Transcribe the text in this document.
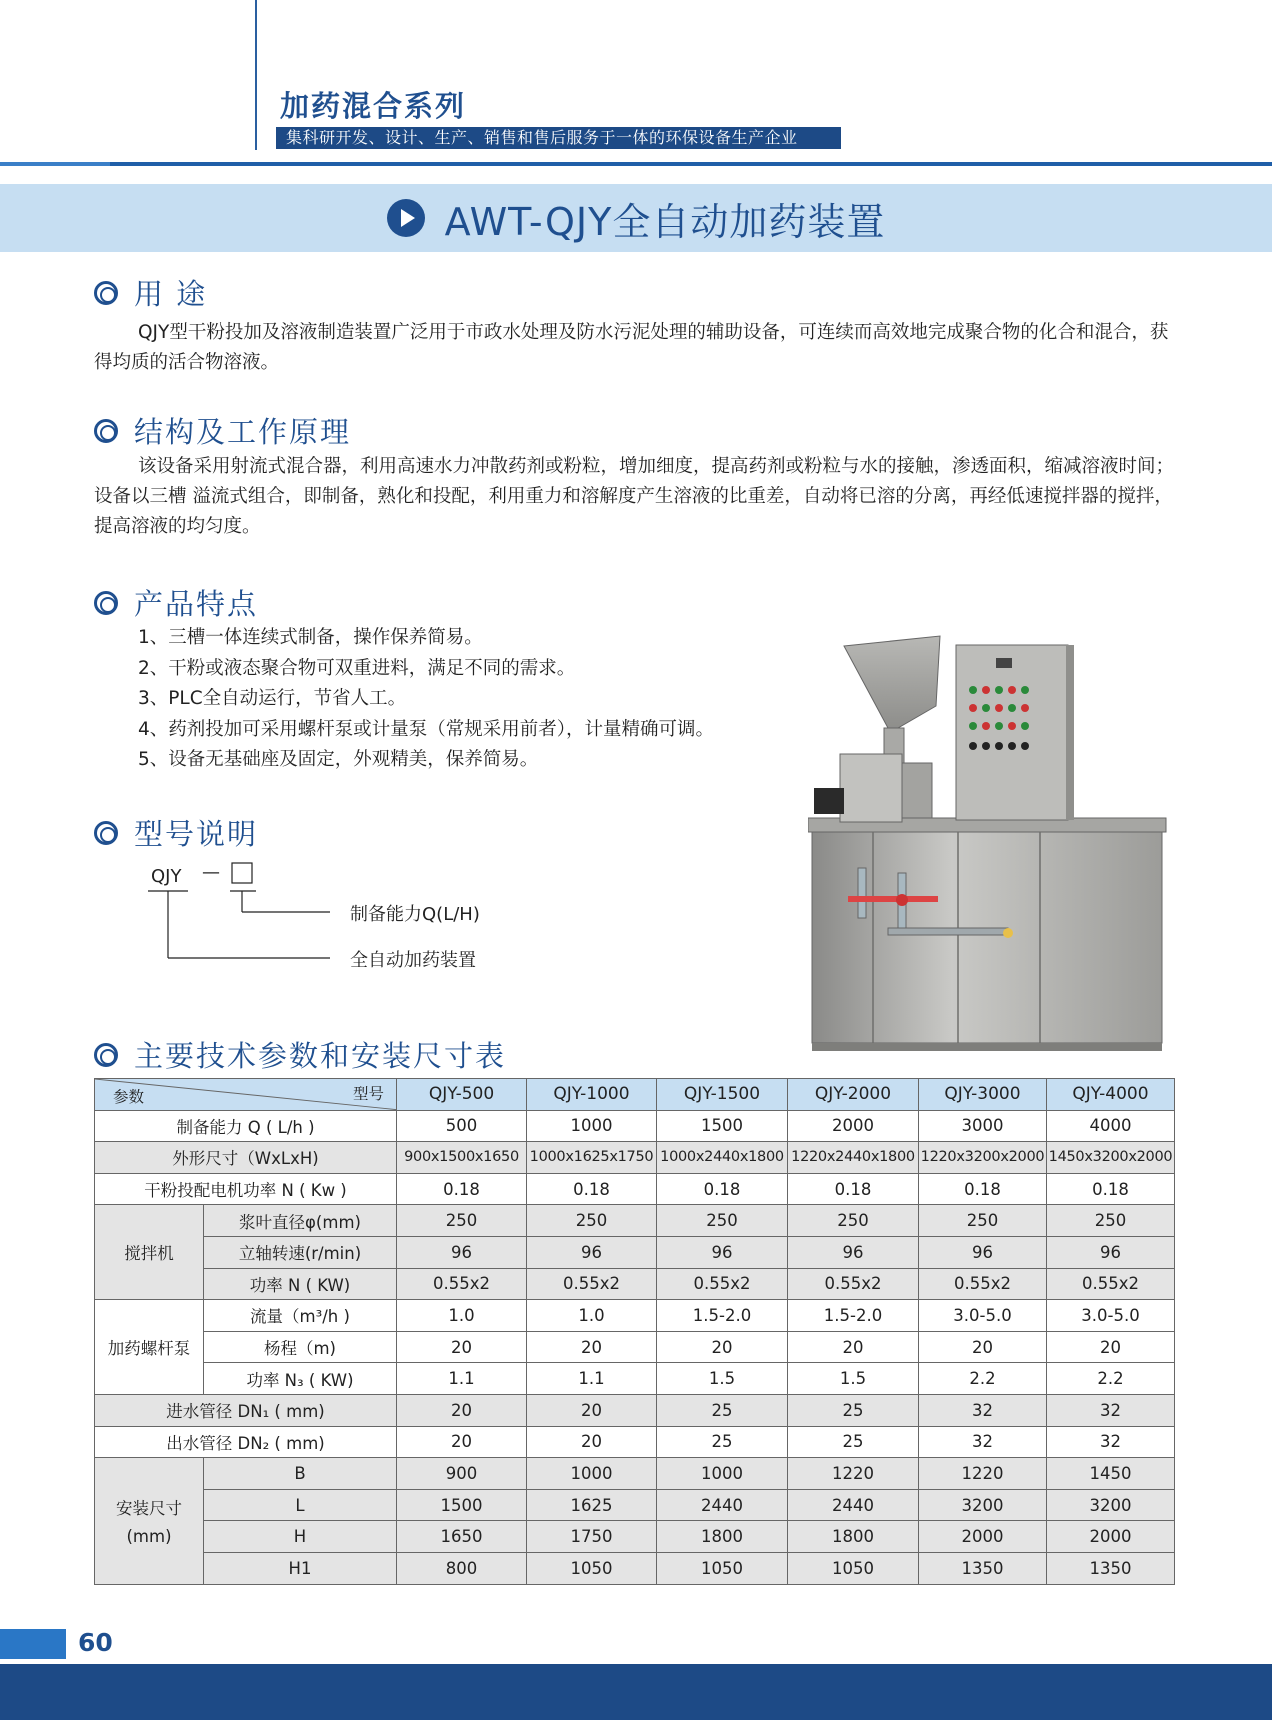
加药混合系列
集科研开发、设计、生产、销售和售后服务于一体的环保设备生产企业
AWT-QJY全自动加药装置
用 途
QJY型干粉投加及溶液制造装置广泛用于市政水处理及防水污泥处理的辅助设备，可连续而高效地完成聚合物的化合和混合，获得均质的活合物溶液。
结构及工作原理
该设备采用射流式混合器，利用高速水力冲散药剂或粉粒，增加细度，提高药剂或粉粒与水的接触，渗透面积，缩减溶液时间；设备以三槽 溢流式组合，即制备，熟化和投配，利用重力和溶解度产生溶液的比重差，自动将已溶的分离，再经低速搅拌器的搅拌，提高溶液的均匀度。
产品特点
1、三槽一体连续式制备，操作保养简易。
2、干粉或液态聚合物可双重进料，满足不同的需求。
3、PLC全自动运行，节省人工。
4、药剂投加可采用螺杆泵或计量泵（常规采用前者），计量精确可调。
5、设备无基础座及固定，外观精美，保养简易。
型号说明
QJY —
制备能力Q(L/H)
全自动加药装置
主要技术参数和安装尺寸表
参数 型号		QJY-500	QJY-1000	QJY-1500	QJY-2000	QJY-3000	QJY-4000
制备能力 Q ( L/h )		500	1000	1500	2000	3000	4000
外形尺寸（WxLxH)		900x1500x1650	1000x1625x1750	1000x2440x1800	1220x2440x1800	1220x3200x2000	1450x3200x2000
干粉投配电机功率 N ( Kw )		0.18	0.18	0.18	0.18	0.18	0.18
搅拌机	浆叶直径φ(mm)	250	250	250	250	250	250
	立轴转速(r/min)	96	96	96	96	96	96
	功率 N ( KW)	0.55x2	0.55x2	0.55x2	0.55x2	0.55x2	0.55x2
加药螺杆泵	流量（m³/h )	1.0	1.0	1.5-2.0	1.5-2.0	3.0-5.0	3.0-5.0
	杨程（m)	20	20	20	20	20	20
	功率 N₃ ( KW)	1.1	1.1	1.5	1.5	2.2	2.2
进水管径 DN₁ ( mm)		20	20	25	25	32	32
出水管径 DN₂ ( mm)		20	20	25	25	32	32

安装尺寸
(mm)	B	900	1000	1000	1220	1220	1450
	L	1500	1625	2440	2440	3200	3200
	H	1650	1750	1800	1800	2000	2000
	H1	800	1050	1050	1050	1350	1350
60
